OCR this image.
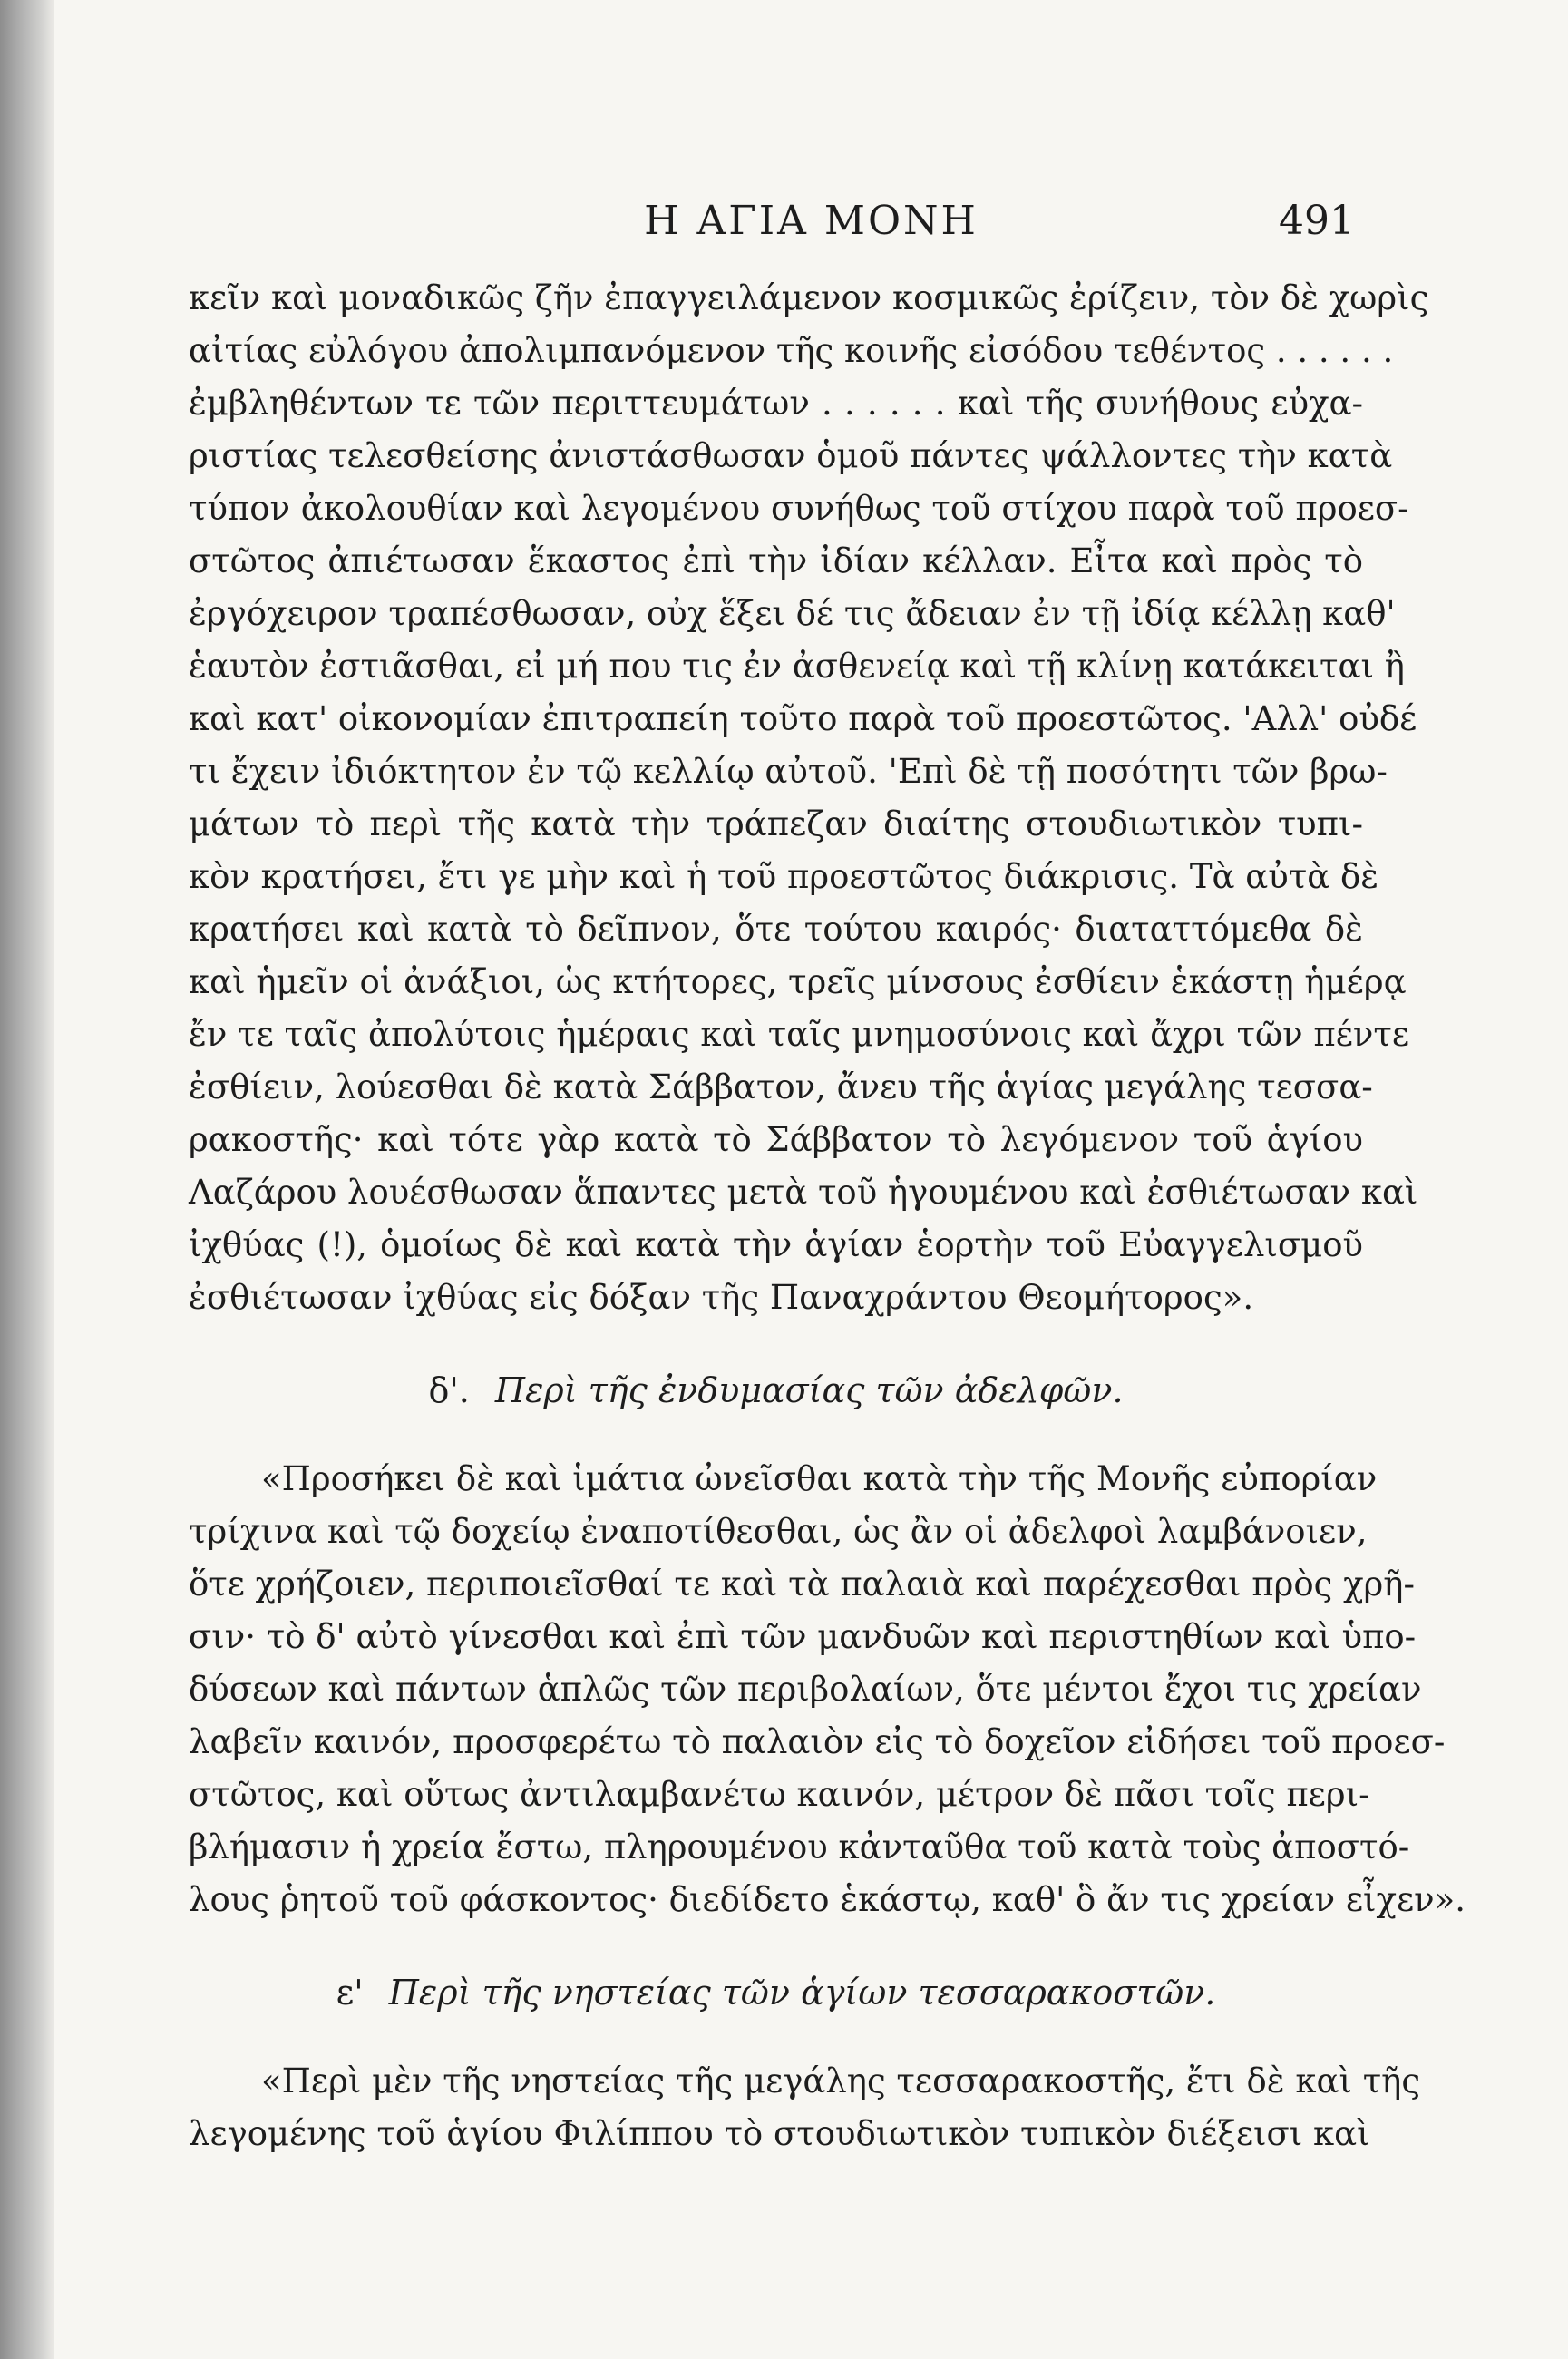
Η ΑΓΙΑ ΜΟΝΗ	491
κεῖν καὶ μοναδικῶς ζῆν ἐπαγγειλάμενον κοσμικῶς ἐρίζειν, τὸν δὲ χωρὶς
αἰτίας εὐλόγου ἀπολιμπανόμενον τῆς κοινῆς εἰσόδου τεθέντος . . . . . .
ἐμβληθέντων τε τῶν περιττευμάτων . . . . . . καὶ τῆς συνήθους εὐχα-
ριστίας τελεσθείσης ἀνιστάσθωσαν ὁμοῦ πάντες ψάλλοντες τὴν κατὰ
τύπον ἀκολουθίαν καὶ λεγομένου συνήθως τοῦ στίχου παρὰ τοῦ προεσ-
στῶτος ἀπιέτωσαν ἕκαστος ἐπὶ τὴν ἰδίαν κέλλαν. Εἶτα καὶ πρὸς τὸ
ἐργόχειρον τραπέσθωσαν, οὐχ ἕξει δέ τις ἄδειαν ἐν τῇ ἰδίᾳ κέλλῃ καθ'
ἑαυτὸν ἐστιᾶσθαι, εἰ μή που τις ἐν ἀσθενείᾳ καὶ τῇ κλίνῃ κατάκειται ἢ
καὶ κατ' οἰκονομίαν ἐπιτραπείη τοῦτο παρὰ τοῦ προεστῶτος. 'Αλλ' οὐδέ
τι ἔχειν ἰδιόκτητον ἐν τῷ κελλίῳ αὐτοῦ. 'Επὶ δὲ τῇ ποσότητι τῶν βρω-
μάτων τὸ περὶ τῆς κατὰ τὴν τράπεζαν διαίτης στουδιωτικὸν τυπι-
κὸν κρατήσει, ἔτι γε μὴν καὶ ἡ τοῦ προεστῶτος διάκρισις. Τὰ αὐτὰ δὲ
κρατήσει καὶ κατὰ τὸ δεῖπνον, ὅτε τούτου καιρός· διαταττόμεθα δὲ
καὶ ἡμεῖν οἱ ἀνάξιοι, ὡς κτήτορες, τρεῖς μίνσους ἐσθίειν ἑκάστῃ ἡμέρᾳ
ἔν τε ταῖς ἀπολύτοις ἡμέραις καὶ ταῖς μνημοσύνοις καὶ ἄχρι τῶν πέντε
ἐσθίειν, λούεσθαι δὲ κατὰ Σάββατον, ἄνευ τῆς ἁγίας μεγάλης τεσσα-
ρακοστῆς· καὶ τότε γὰρ κατὰ τὸ Σάββατον τὸ λεγόμενον τοῦ ἁγίου
Λαζάρου λουέσθωσαν ἅπαντες μετὰ τοῦ ἡγουμένου καὶ ἐσθιέτωσαν καὶ
ἰχθύας (!), ὁμοίως δὲ καὶ κατὰ τὴν ἁγίαν ἑορτὴν τοῦ Εὐαγγελισμοῦ
ἐσθιέτωσαν ἰχθύας εἰς δόξαν τῆς Παναχράντου Θεομήτορος».
δ'. Περὶ τῆς ἐνδυμασίας τῶν ἀδελφῶν.
«Προσήκει δὲ καὶ ἱμάτια ὠνεῖσθαι κατὰ τὴν τῆς Μονῆς εὐπορίαν
τρίχινα καὶ τῷ δοχείῳ ἐναποτίθεσθαι, ὡς ἂν οἱ ἀδελφοὶ λαμβάνοιεν,
ὅτε χρήζοιεν, περιποιεῖσθαί τε καὶ τὰ παλαιὰ καὶ παρέχεσθαι πρὸς χρῆ-
σιν· τὸ δ' αὐτὸ γίνεσθαι καὶ ἐπὶ τῶν μανδυῶν καὶ περιστηθίων καὶ ὑπο-
δύσεων καὶ πάντων ἁπλῶς τῶν περιβολαίων, ὅτε μέντοι ἔχοι τις χρείαν
λαβεῖν καινόν, προσφερέτω τὸ παλαιὸν εἰς τὸ δοχεῖον εἰδήσει τοῦ προεσ-
στῶτος, καὶ οὕτως ἀντιλαμβανέτω καινόν, μέτρον δὲ πᾶσι τοῖς περι-
βλήμασιν ἡ χρεία ἔστω, πληρουμένου κἀνταῦθα τοῦ κατὰ τοὺς ἀποστό-
λους ῥητοῦ τοῦ φάσκοντος· διεδίδετο ἑκάστῳ, καθ' ὃ ἄν τις χρείαν εἶχεν».
ε' Περὶ τῆς νηστείας τῶν ἁγίων τεσσαρακοστῶν.
«Περὶ μὲν τῆς νηστείας τῆς μεγάλης τεσσαρακοστῆς, ἔτι δὲ καὶ τῆς
λεγομένης τοῦ ἁγίου Φιλίππου τὸ στουδιωτικὸν τυπικὸν διέξεισι καὶ
